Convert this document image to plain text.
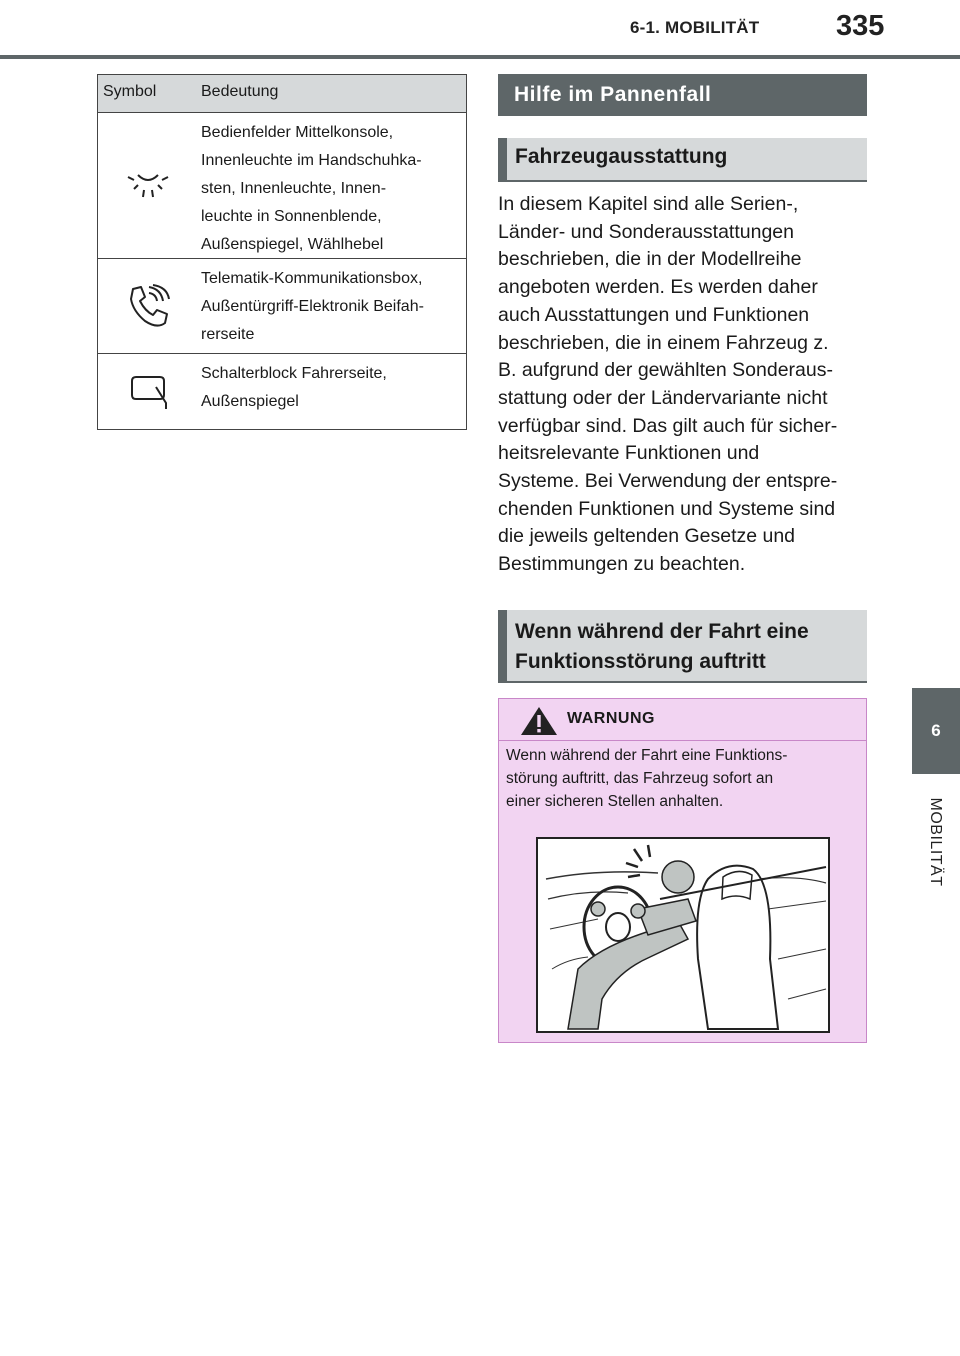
6-1. MOBILITÄT	335
6
MOBILITÄT
Symbol	Bedeutung
Bedienfelder Mittelkonsole,
Innenleuchte im Handschuhka-
sten, Innenleuchte, Innen-
leuchte in Sonnenblende,
Außenspiegel, Wählhebel
Telematik-Kommunikationsbox,
Außentürgriff-Elektronik Beifah-
rerseite
Schalterblock Fahrerseite,
Außenspiegel
Hilfe im Pannenfall
Fahrzeugausstattung
In diesem Kapitel sind alle Serien-,
Länder- und Sonderausstattungen
beschrieben, die in der Modellreihe
angeboten werden. Es werden daher
auch Ausstattungen und Funktionen
beschrieben, die in einem Fahrzeug z.
B. aufgrund der gewählten Sonderaus-
stattung oder der Ländervariante nicht
verfügbar sind. Das gilt auch für sicher-
heitsrelevante Funktionen und
Systeme. Bei Verwendung der entspre-
chenden Funktionen und Systeme sind
die jeweils geltenden Gesetze und
Bestimmungen zu beachten.
Wenn während der Fahrt eine
Funktionsstörung auftritt
WARNUNG
Wenn während der Fahrt eine Funktions-
störung auftritt, das Fahrzeug sofort an
einer sicheren Stellen anhalten.
